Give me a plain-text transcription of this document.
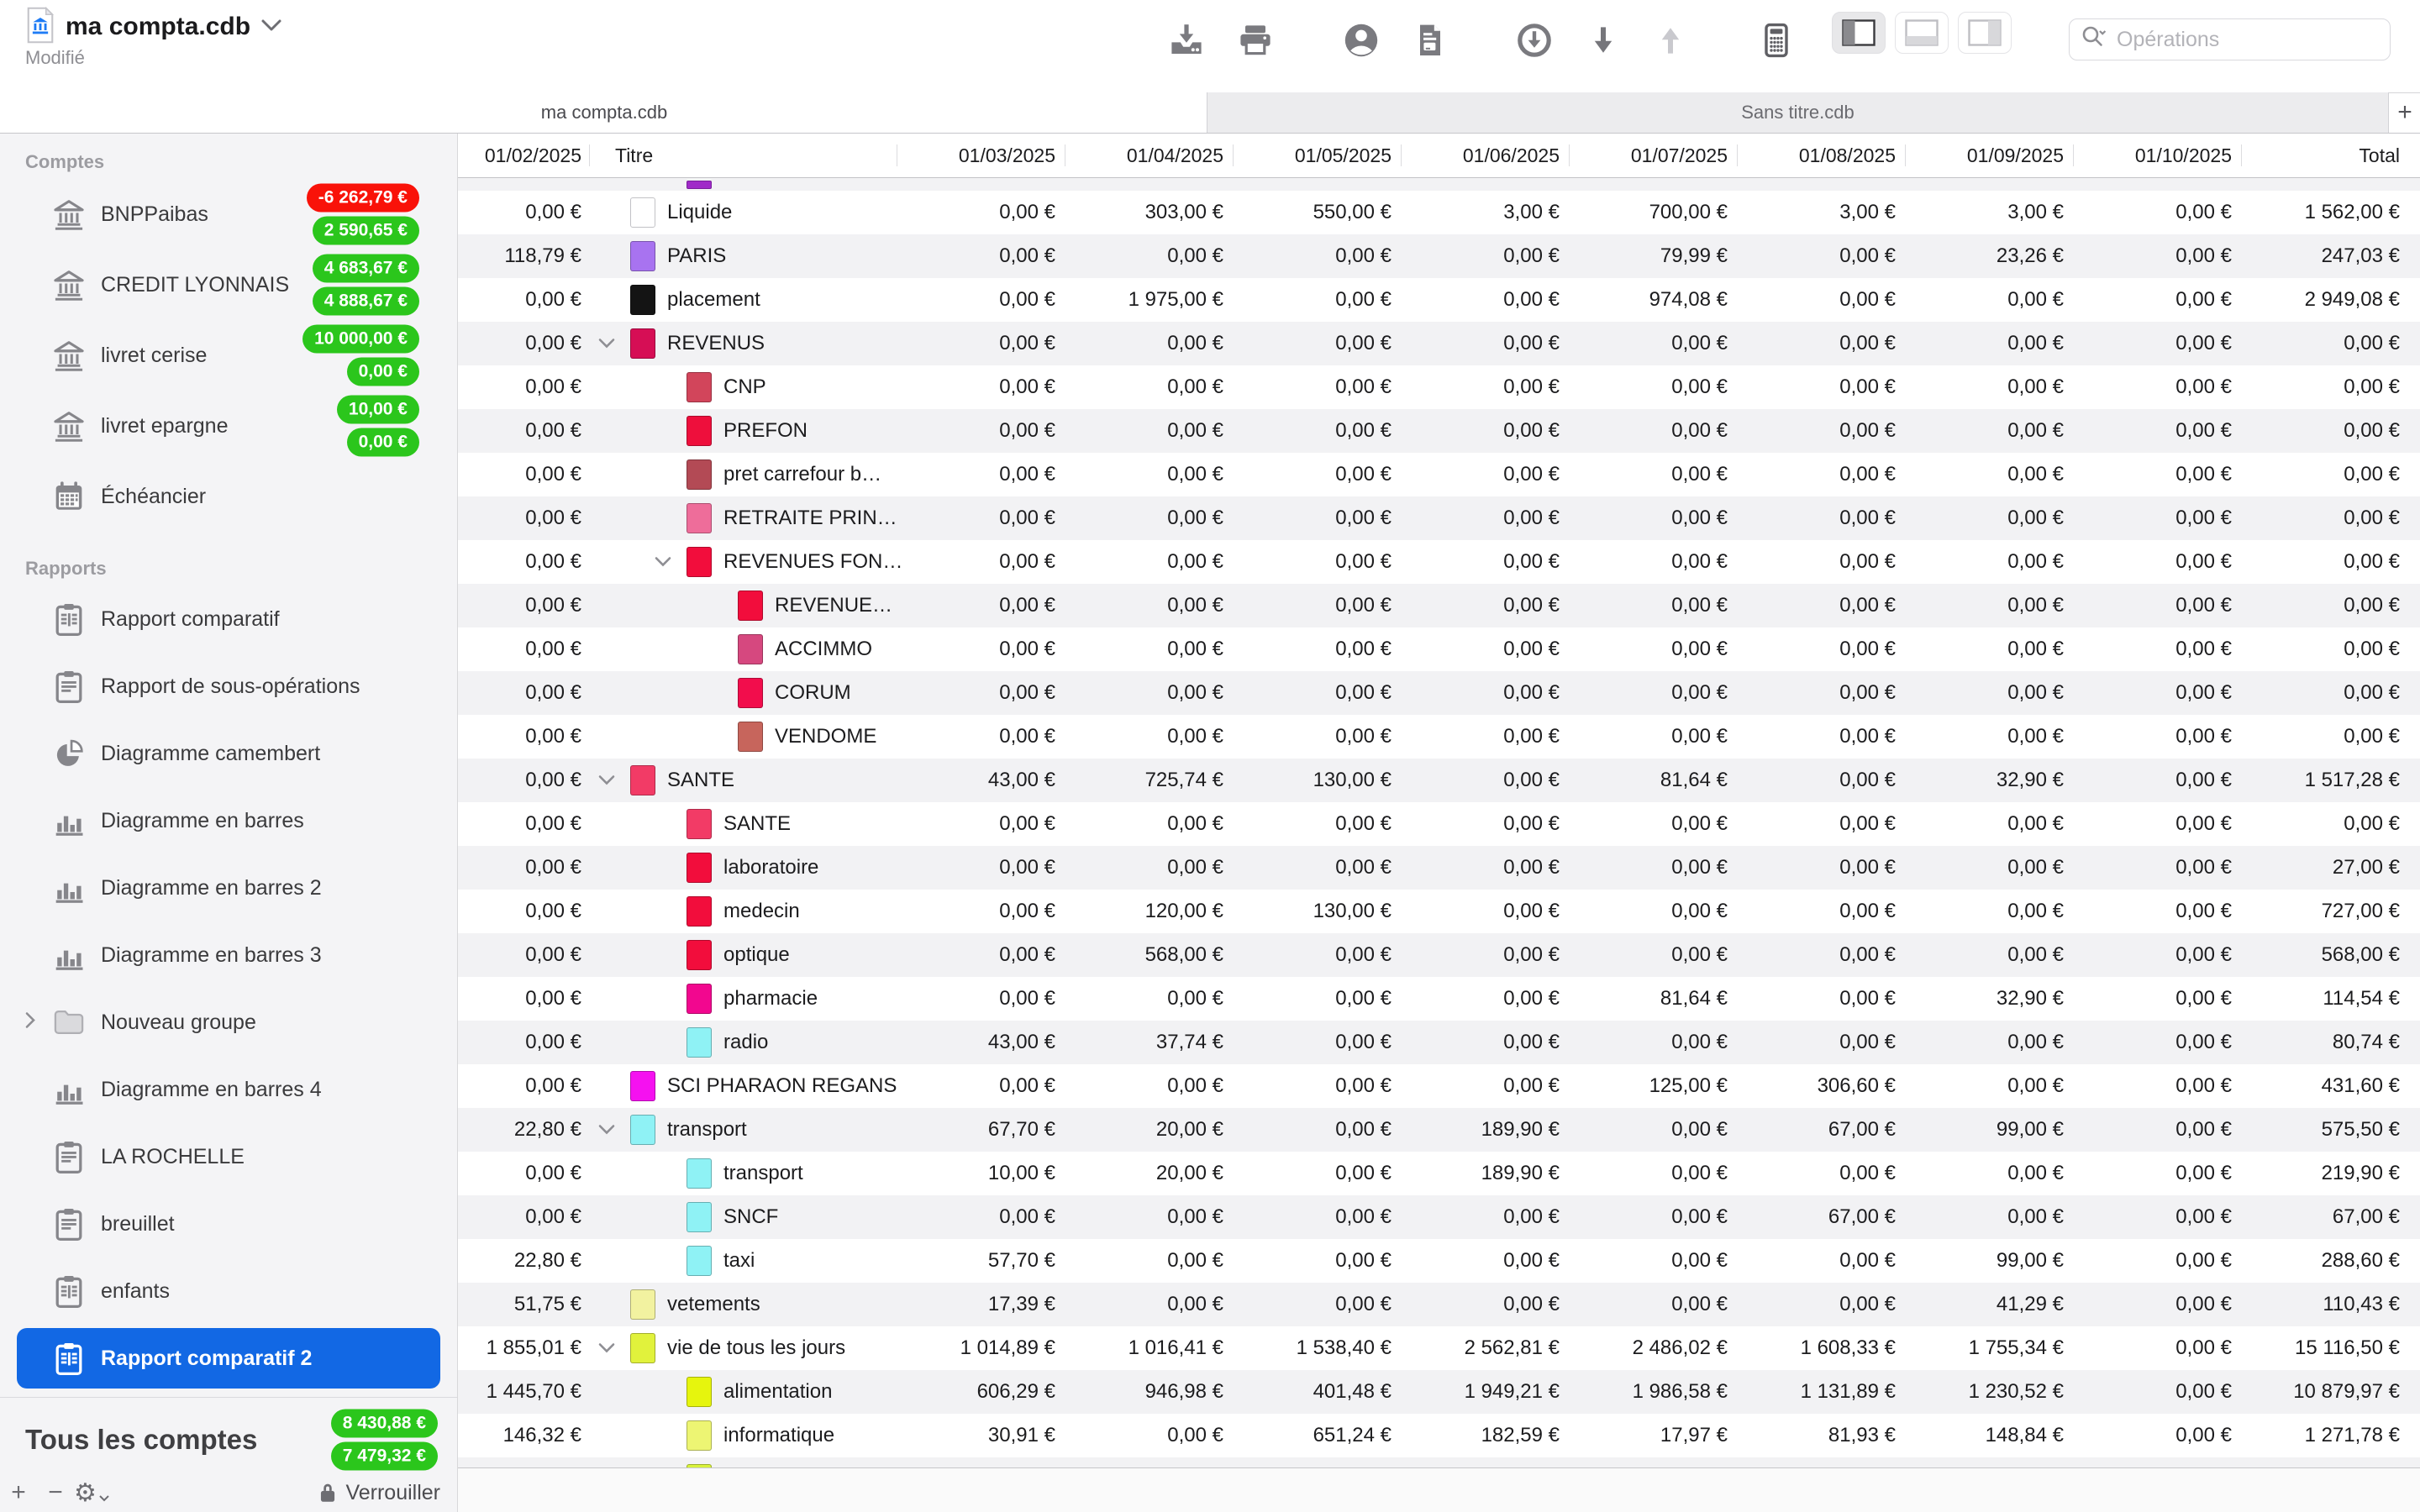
ma compta.cdb
Modifié
Opérations
ma compta.cdb	Sans titre.cdb	+
Comptes
BNPPaibas
-6 262,79 €
2 590,65 €
CREDIT LYONNAIS
4 683,67 €
4 888,67 €
livret cerise
10 000,00 €
0,00 €
livret epargne
10,00 €
0,00 €
Échéancier
Rapports
Rapport comparatif
Rapport de sous-opérations
Diagramme camembert
Diagramme en barres
Diagramme en barres 2
Diagramme en barres 3
Nouveau groupe
Diagramme en barres 4
LA ROCHELLE
breuillet
enfants
Rapport comparatif 2
Tous les comptes
8 430,88 €
7 479,32 €
+ − ⚙	Verrouiller
01/02/2025	Titre	01/03/2025	01/04/2025	01/05/2025	01/06/2025	01/07/2025	01/08/2025	01/09/2025	01/10/2025	Total
0,00 €	Liquide	0,00 €	303,00 €	550,00 €	3,00 €	700,00 €	3,00 €	3,00 €	0,00 €	1 562,00 €
118,79 €	PARIS	0,00 €	0,00 €	0,00 €	0,00 €	79,99 €	0,00 €	23,26 €	0,00 €	247,03 €
0,00 €	placement	0,00 €	1 975,00 €	0,00 €	0,00 €	974,08 €	0,00 €	0,00 €	0,00 €	2 949,08 €
0,00 €	REVENUS	0,00 €	0,00 €	0,00 €	0,00 €	0,00 €	0,00 €	0,00 €	0,00 €	0,00 €
0,00 €	CNP	0,00 €	0,00 €	0,00 €	0,00 €	0,00 €	0,00 €	0,00 €	0,00 €	0,00 €
0,00 €	PREFON	0,00 €	0,00 €	0,00 €	0,00 €	0,00 €	0,00 €	0,00 €	0,00 €	0,00 €
0,00 €	pret carrefour b…	0,00 €	0,00 €	0,00 €	0,00 €	0,00 €	0,00 €	0,00 €	0,00 €	0,00 €
0,00 €	RETRAITE PRIN…	0,00 €	0,00 €	0,00 €	0,00 €	0,00 €	0,00 €	0,00 €	0,00 €	0,00 €
0,00 €	REVENUES FON…	0,00 €	0,00 €	0,00 €	0,00 €	0,00 €	0,00 €	0,00 €	0,00 €	0,00 €
0,00 €	REVENUE…	0,00 €	0,00 €	0,00 €	0,00 €	0,00 €	0,00 €	0,00 €	0,00 €	0,00 €
0,00 €	ACCIMMO	0,00 €	0,00 €	0,00 €	0,00 €	0,00 €	0,00 €	0,00 €	0,00 €	0,00 €
0,00 €	CORUM	0,00 €	0,00 €	0,00 €	0,00 €	0,00 €	0,00 €	0,00 €	0,00 €	0,00 €
0,00 €	VENDOME	0,00 €	0,00 €	0,00 €	0,00 €	0,00 €	0,00 €	0,00 €	0,00 €	0,00 €
0,00 €	SANTE	43,00 €	725,74 €	130,00 €	0,00 €	81,64 €	0,00 €	32,90 €	0,00 €	1 517,28 €
0,00 €	SANTE	0,00 €	0,00 €	0,00 €	0,00 €	0,00 €	0,00 €	0,00 €	0,00 €	0,00 €
0,00 €	laboratoire	0,00 €	0,00 €	0,00 €	0,00 €	0,00 €	0,00 €	0,00 €	0,00 €	27,00 €
0,00 €	medecin	0,00 €	120,00 €	130,00 €	0,00 €	0,00 €	0,00 €	0,00 €	0,00 €	727,00 €
0,00 €	optique	0,00 €	568,00 €	0,00 €	0,00 €	0,00 €	0,00 €	0,00 €	0,00 €	568,00 €
0,00 €	pharmacie	0,00 €	0,00 €	0,00 €	0,00 €	81,64 €	0,00 €	32,90 €	0,00 €	114,54 €
0,00 €	radio	43,00 €	37,74 €	0,00 €	0,00 €	0,00 €	0,00 €	0,00 €	0,00 €	80,74 €
0,00 €	SCI PHARAON REGANS	0,00 €	0,00 €	0,00 €	0,00 €	125,00 €	306,60 €	0,00 €	0,00 €	431,60 €
22,80 €	transport	67,70 €	20,00 €	0,00 €	189,90 €	0,00 €	67,00 €	99,00 €	0,00 €	575,50 €
0,00 €	transport	10,00 €	20,00 €	0,00 €	189,90 €	0,00 €	0,00 €	0,00 €	0,00 €	219,90 €
0,00 €	SNCF	0,00 €	0,00 €	0,00 €	0,00 €	0,00 €	67,00 €	0,00 €	0,00 €	67,00 €
22,80 €	taxi	57,70 €	0,00 €	0,00 €	0,00 €	0,00 €	0,00 €	99,00 €	0,00 €	288,60 €
51,75 €	vetements	17,39 €	0,00 €	0,00 €	0,00 €	0,00 €	0,00 €	41,29 €	0,00 €	110,43 €
1 855,01 €	vie de tous les jours	1 014,89 €	1 016,41 €	1 538,40 €	2 562,81 €	2 486,02 €	1 608,33 €	1 755,34 €	0,00 €	15 116,50 €
1 445,70 €	alimentation	606,29 €	946,98 €	401,48 €	1 949,21 €	1 986,58 €	1 131,89 €	1 230,52 €	0,00 €	10 879,97 €
146,32 €	informatique	30,91 €	0,00 €	651,24 €	182,59 €	17,97 €	81,93 €	148,84 €	0,00 €	1 271,78 €
